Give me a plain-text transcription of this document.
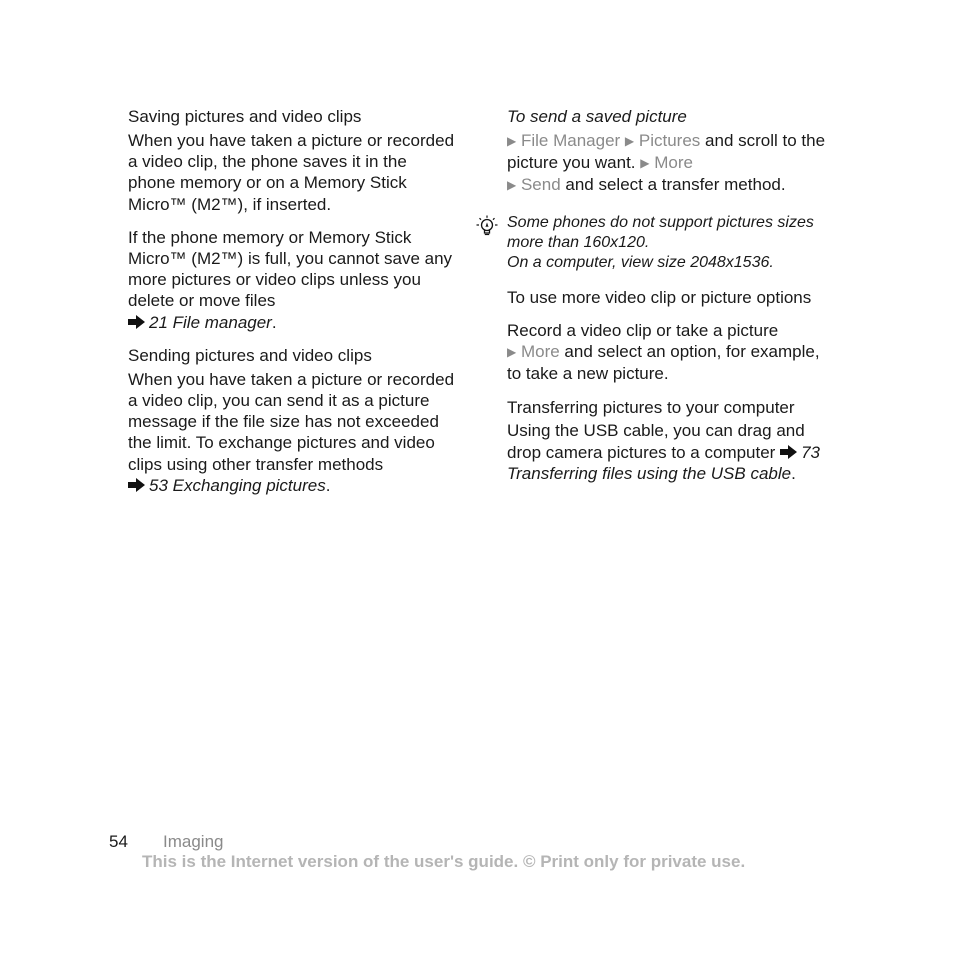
Saving pictures and video clips
When you have taken a picture or recorded a video clip, the phone saves it in the phone memory or on a Memory Stick Micro™ (M2™), if inserted.
If the phone memory or Memory Stick Micro™ (M2™) is full, you cannot save any more pictures or video clips unless you delete or move files
21 File manager.
Sending pictures and video clips
When you have taken a picture or recorded a video clip, you can send it as a picture message if the file size has not exceeded the limit. To exchange pictures and video clips using other transfer methods
53 Exchanging pictures.
To send a saved picture
▶ File Manager ▶ Pictures and scroll to the picture you want. ▶ More
▶ Send and select a transfer method.
Some phones do not support pictures sizes more than 160x120.
On a computer, view size 2048x1536.
To use more video clip or picture options
Record a video clip or take a picture
▶ More and select an option, for example, to take a new picture.
Transferring pictures to your computer
Using the USB cable, you can drag and drop camera pictures to a computer 73 Transferring files using the USB cable.
54 Imaging
This is the Internet version of the user's guide. © Print only for private use.
